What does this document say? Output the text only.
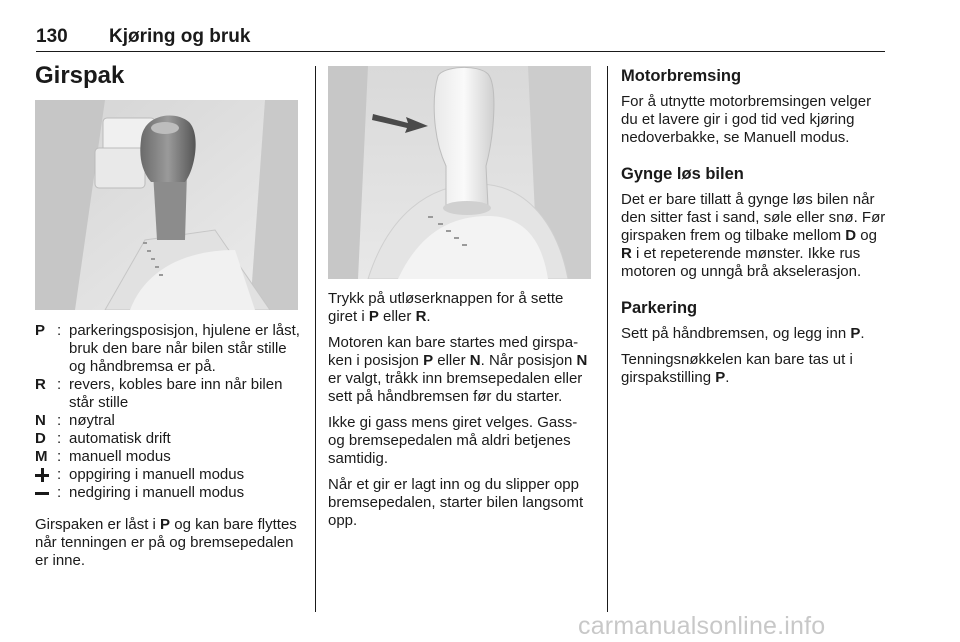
130 Kjøring og bruk
Girspak
P : parkeringsposisjon, hjulene er låst, bruk den bare når bilen står stille og håndbremsa er på.
R : revers, kobles bare inn når bilen står stille
N : nøytral
D : automatisk drift
M : manuell modus
: oppgiring i manuell modus
: nedgiring i manuell modus

Girspaken er låst i P og kan bare flyttes når tenningen er på og bremsepedalen er inne.

Trykk på utløserknappen for å sette giret i P eller R.

Motoren kan bare startes med girspaken i posisjon P eller N. Når posisjon N er valgt, tråkk inn bremsepedalen eller sett på håndbremsen før du starter.

Ikke gi gass mens giret velges. Gass- og bremsepedalen må aldri betjenes samtidig.

Når et gir er lagt inn og du slipper opp bremsepedalen, starter bilen langsomt opp.

Motorbremsing

For å utnytte motorbremsingen velger du et lavere gir i god tid ved kjøring nedoverbakke, se Manuell modus.

Gynge løs bilen

Det er bare tillatt å gynge løs bilen når den sitter fast i sand, søle eller snø. Før girspaken frem og tilbake mellom D og R i et repeterende mønster. Ikke rus motoren og unngå brå akselerasjon.

Parkering

Sett på håndbremsen, og legg inn P.

Tenningsnøkkelen kan bare tas ut i girspakstilling P.

carmanualsonline.info
